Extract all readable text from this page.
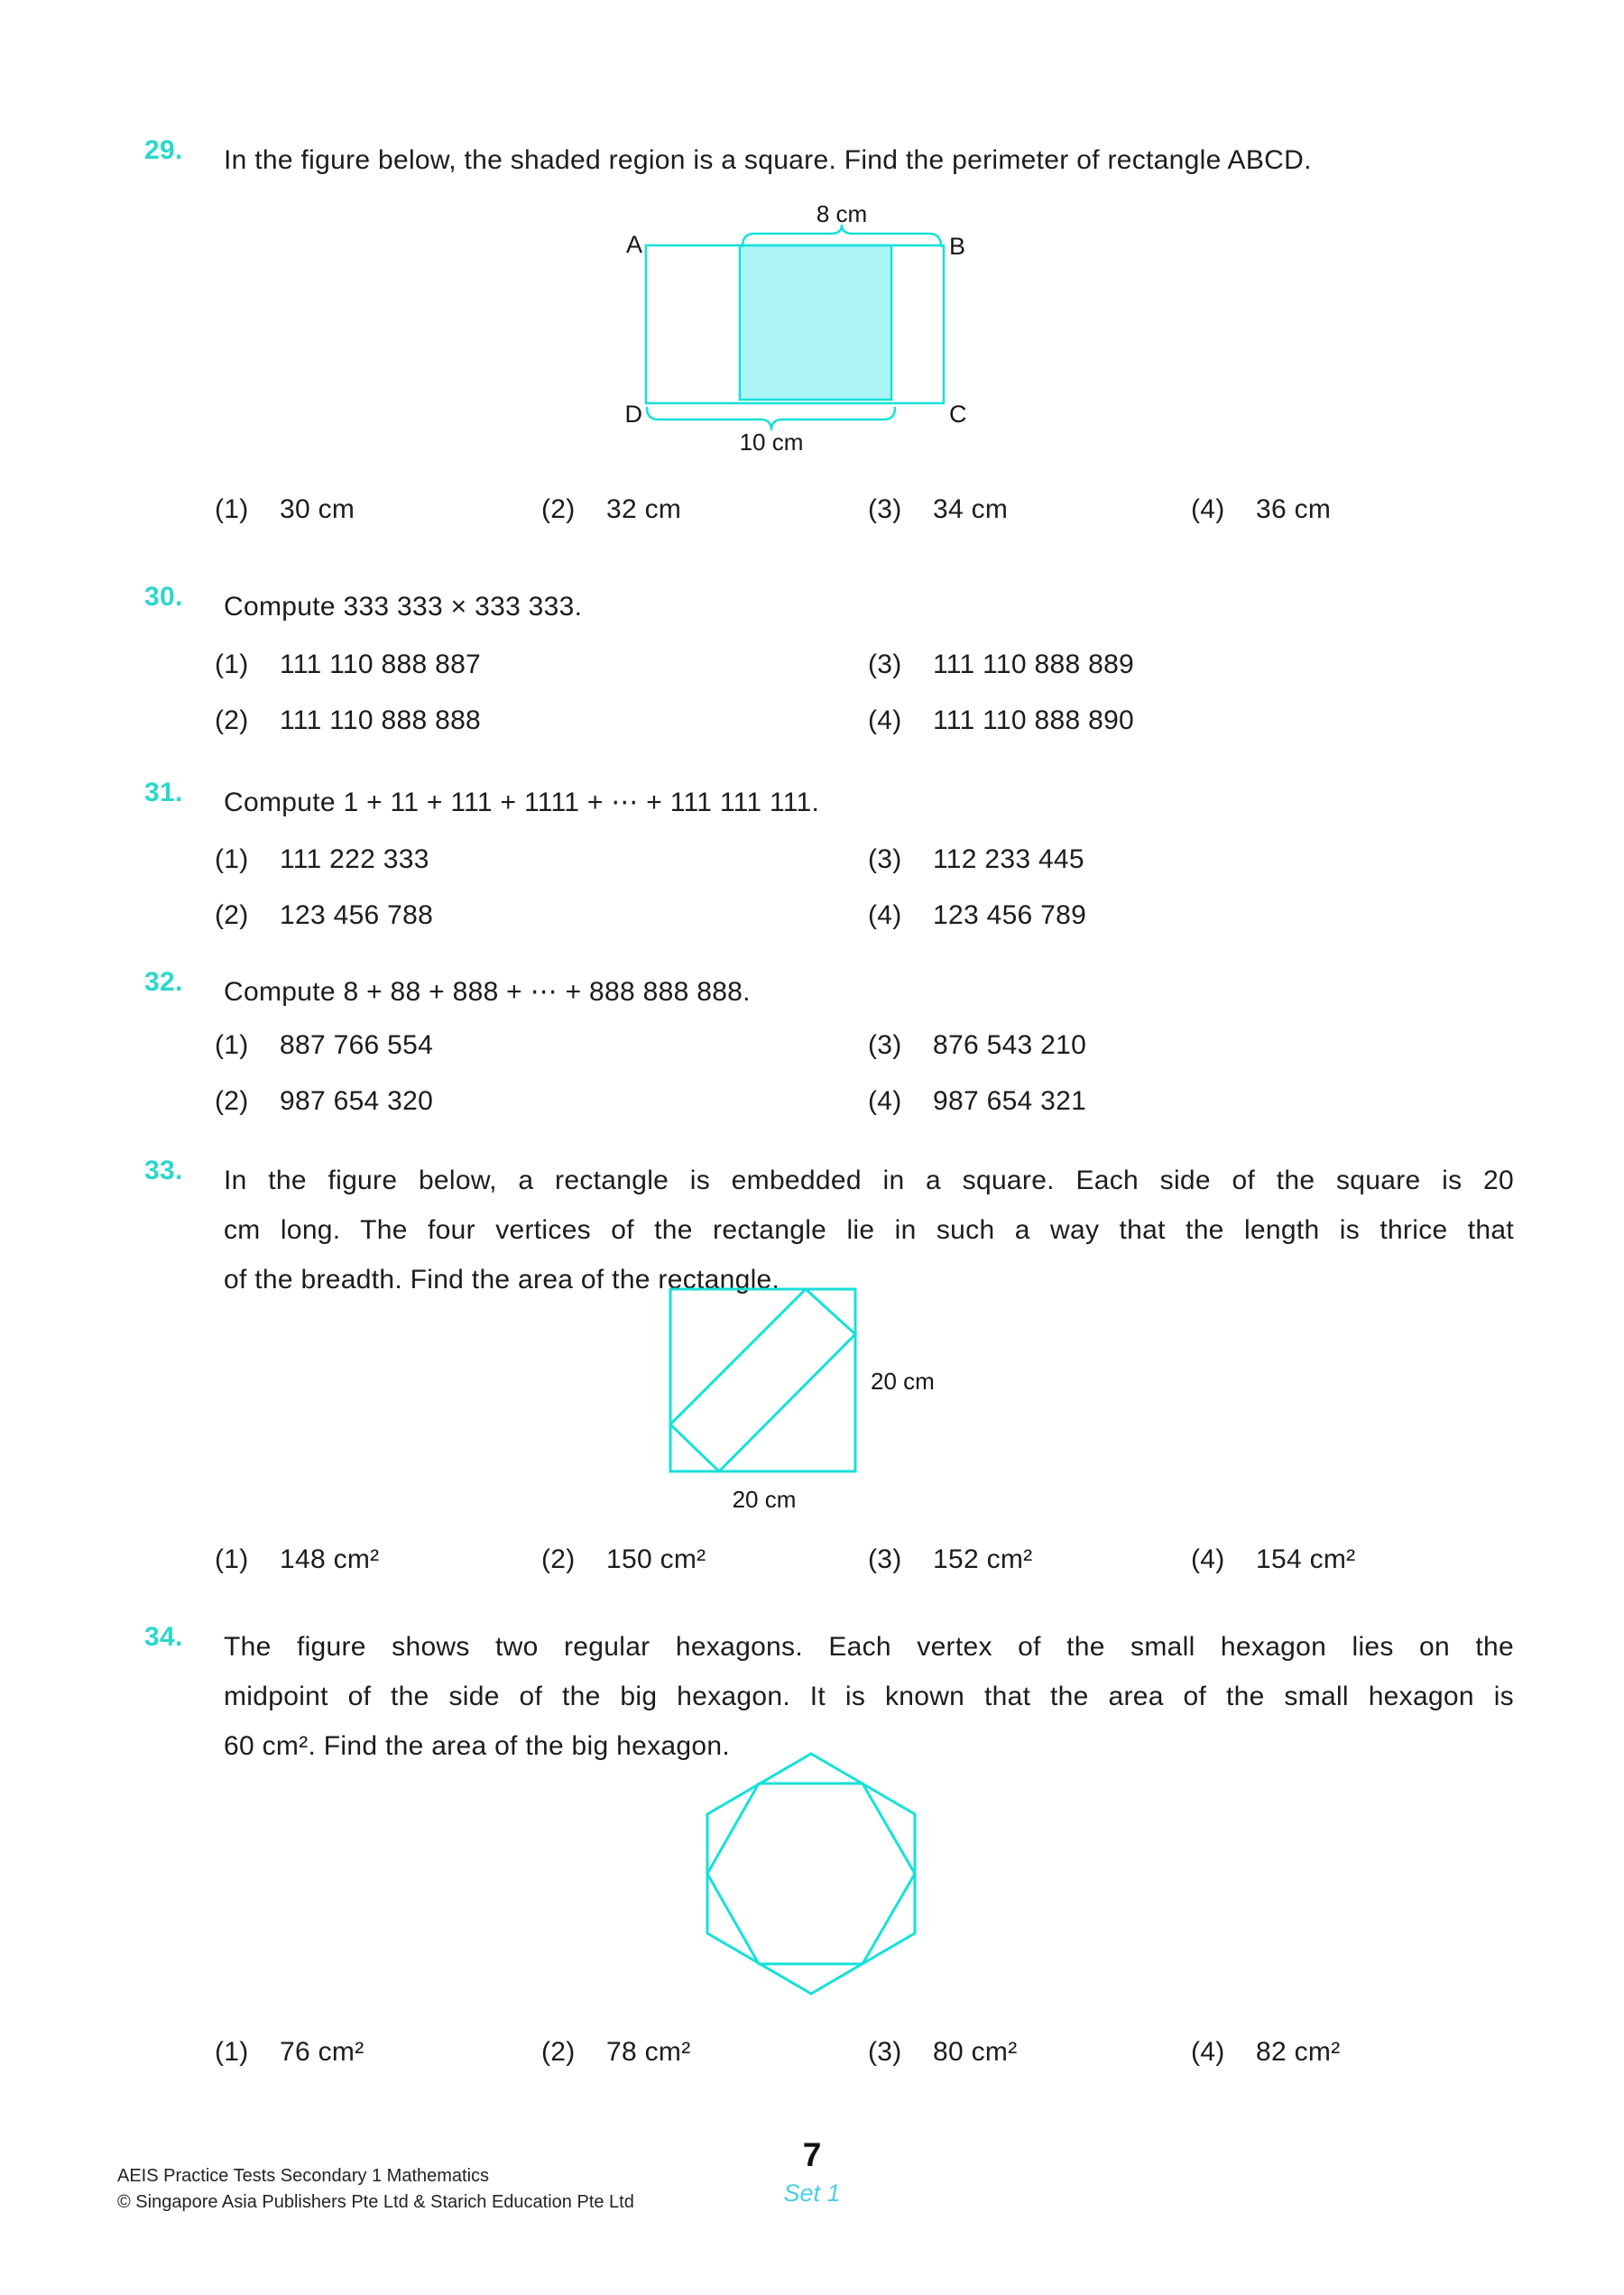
29.	In the figure below, the shaded region is a square. Find the perimeter of rectangle ABCD.
8 cm
10 cm
A	B
D	C
(1)	30 cm	(2)	32 cm	(3)	34 cm	(4)	36 cm
30.	Compute 333 333 × 333 333.
(1)	111 110 888 887	(3)	111 110 888 889
(2)	111 110 888 888	(4)	111 110 888 890
31.	Compute 1 + 11 + 111 + 1111 + ⋯ + 111 111 111.
(1)	111 222 333	(3)	112 233 445
(2)	123 456 788	(4)	123 456 789
32.	Compute 8 + 88 + 888 + ⋯ + 888 888 888.
(1)	887 766 554	(3)	876 543 210
(2)	987 654 320	(4)	987 654 321
33.	In the figure below, a rectangle is embedded in a square. Each side of the square is 20
cm long. The four vertices of the rectangle lie in such a way that the length is thrice that
of the breadth. Find the area of the rectangle.
20 cm
20 cm
(1)	148 cm²	(2)	150 cm²	(3)	152 cm²	(4)	154 cm²
34.	The figure shows two regular hexagons. Each vertex of the small hexagon lies on the
midpoint of the side of the big hexagon. It is known that the area of the small hexagon is
60 cm². Find the area of the big hexagon.
(1)	76 cm²	(2)	78 cm²	(3)	80 cm²	(4)	82 cm²
AEIS Practice Tests Secondary 1 Mathematics
© Singapore Asia Publishers Pte Ltd & Starich Education Pte Ltd
7
Set 1
